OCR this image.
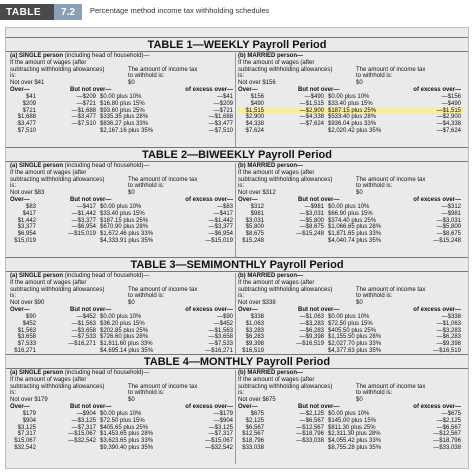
TABLE	7.2	Percentage method income tax withholding schedules
TABLE 1—WEEKLY Payroll Period
(a) SINGLE person (including head of household)—
If the amount of wages (after
subtracting withholding allowances)	The amount of income tax
is:	to withhold is:
Not over $41	$0
Over—	But not over—	of excess over—
$41	—$209 $0.00 plus 10%	—$41
$209	—$721 $16.80 plus 15%	—$209
$721	—$1,688 $93.60 plus 25%	—$721
$1,688	—$3,477 $335.35 plus 28%	—$1,688
$3,477	—$7,510 $836.27 plus 33%	—$3,477
$7,510	$2,167.16 plus 35%	—$7,510
(b) MARRIED person—
If the amount of wages (after
subtracting withholding allowances)	The amount of income tax
is:	to withhold is:
Not over $156	$0
Over—	But not over—	of excess over—
$156	—$490 $0.00 plus 10%	—$156
$490	—$1,515 $33.40 plus 15%	—$490
$1,515	—$2,900 $187.15 plus 25%	—$1,515
$2,900	—$4,338 $533.40 plus 28%	—$2,900
$4,338	—$7,624 $936.04 plus 33%	—$4,338
$7,624	$2,020.42 plus 35%	—$7,624
TABLE 2—BIWEEKLY Payroll Period
(a) SINGLE person (including head of household)—
If the amount of wages (after
subtracting withholding allowances)	The amount of income tax
is:	to withhold is:
Not over $83	$0
Over—	But not over—	of excess over—
$83	—$417 $0.00 plus 10%	—$83
$417	—$1,442 $33.40 plus 15%	—$417
$1,442	—$3,377 $187.15 plus 25%	—$1,442
$3,377	—$6,954 $670.90 plus 28%	—$3,377
$6,954	—$15,019 $1,672.46 plus 33%	—$6,954
$15,019	$4,333.91 plus 35%	—$15,019
(b) MARRIED person—
If the amount of wages (after
subtracting withholding allowances)	The amount of income tax
is:	to withhold is:
Not over $312	$0
Over—	But not over—	of excess over—
$312	—$981 $0.00 plus 10%	—$312
$981	—$3,031 $66.90 plus 15%	—$981
$3,031	—$5,800 $374.40 plus 25%	—$3,031
$5,800	—$8,675 $1,066.65 plus 28%	—$5,800
$8,675	—$15,248 $1,871.65 plus 33%	—$8,675
$15,248	$4,040.74 plus 35%	—$15,248
TABLE 3—SEMIMONTHLY Payroll Period
(a) SINGLE person (including head of household)—
If the amount of wages (after
subtracting withholding allowances)	The amount of income tax
is:	to withhold is:
Not over $90	$0
Over—	But not over—	of excess over—
$90	—$452 $0.00 plus 10%	—$90
$452	—$1,563 $36.20 plus 15%	—$452
$1,563	—$3,658 $202.85 plus 25%	—$1,563
$3,658	—$7,533 $726.60 plus 28%	—$3,658
$7,533	—$16,271 $1,811.60 plus 33%	—$7,533
$16,271	$4,695.14 plus 35%	—$16,271
(b) MARRIED person—
If the amount of wages (after
subtracting withholding allowances)	The amount of income tax
is:	to withhold is:
Not over $338	$0
Over—	But not over—	of excess over—
$338	—$1,063 $0.00 plus 10%	—$338
$1,063	—$3,283 $72.50 plus 15%	—$1,063
$3,283	—$6,283 $405.50 plus 25%	—$3,283
$6,283	—$9,398 $1,155.50 plus 28%	—$6,283
$9,398	—$16,519 $2,027.70 plus 33%	—$9,398
$16,519	$4,377.63 plus 35%	—$16,519
TABLE 4—MONTHLY Payroll Period
(a) SINGLE person (including head of household)—
If the amount of wages (after
subtracting withholding allowances)	The amount of income tax
is:	to withhold is:
Not over $179	$0
Over—	But not over—	of excess over—
$179	—$904 $0.00 plus 10%	—$179
$904	—$3,125 $72.50 plus 15%	—$904
$3,125	—$7,317 $405.65 plus 25%	—$3,125
$7,317	—$15,067 $1,453.65 plus 28%	—$7,317
$15,067	—$32,542 $3,623.65 plus 33%	—$15,067
$32,542	$9,390.40 plus 35%	—$32,542
(b) MARRIED person—
If the amount of wages (after
subtracting withholding allowances)	The amount of income tax
is:	to withhold is:
Not over $675	$0
Over—	But not over—	of excess over—
$675	—$2,125 $0.00 plus 10%	—$675
$2,125	—$6,567 $145.00 plus 15%	—$2,125
$6,567	—$12,567 $811.30 plus 25%	—$6,567
$12,567	—$18,796 $2,311.30 plus 28%	—$12,567
$18,796	—$33,038 $4,055.42 plus 33%	—$18,796
$33,038	$8,755.28 plus 35%	—$33,038
